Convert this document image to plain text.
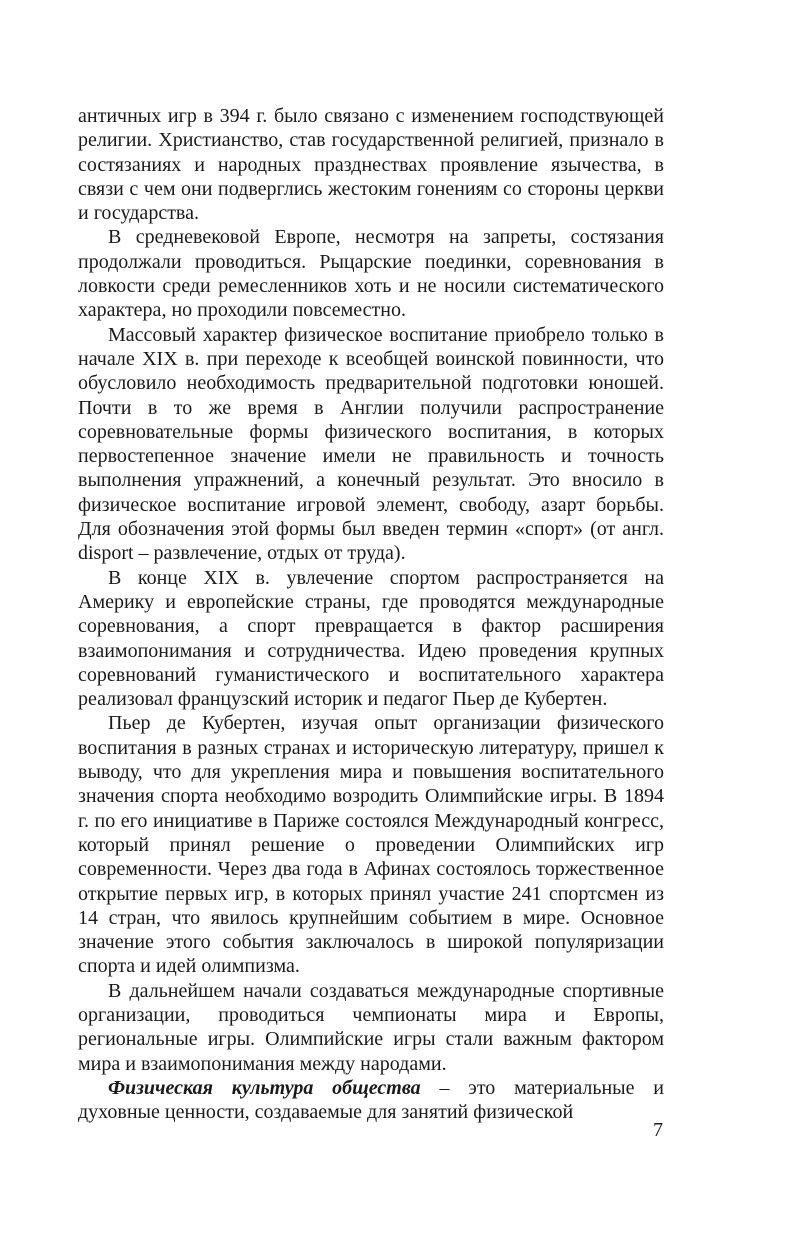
античных игр в 394 г. было связано с изменением господствующей религии. Христианство, став государственной религией, признало в состязаниях и народных празднествах проявление язычества, в связи с чем они подверглись жестоким гонениям со стороны церкви и государства.

В средневековой Европе, несмотря на запреты, состязания продолжали проводиться. Рыцарские поединки, соревнования в ловкости среди ремесленников хоть и не носили систематического характера, но проходили повсеместно.

Массовый характер физическое воспитание приобрело только в начале XIX в. при переходе к всеобщей воинской повинности, что обусловило необходимость предварительной подготовки юношей. Почти в то же время в Англии получили распространение соревновательные формы физического воспитания, в которых первостепенное значение имели не правильность и точность выполнения упражнений, а конечный результат. Это вносило в физическое воспитание игровой элемент, свободу, азарт борьбы. Для обозначения этой формы был введен термин «спорт» (от англ. disport – развлечение, отдых от труда).

В конце XIX в. увлечение спортом распространяется на Америку и европейские страны, где проводятся международные соревнования, а спорт превращается в фактор расширения взаимопонимания и сотрудничества. Идею проведения крупных соревнований гуманистического и воспитательного характера реализовал французский историк и педагог Пьер де Кубертен.

Пьер де Кубертен, изучая опыт организации физического воспитания в разных странах и историческую литературу, пришел к выводу, что для укрепления мира и повышения воспитательного значения спорта необходимо возродить Олимпийские игры. В 1894 г. по его инициативе в Париже состоялся Международный конгресс, который принял решение о проведении Олимпийских игр современности. Через два года в Афинах состоялось торжественное открытие первых игр, в которых принял участие 241 спортсмен из 14 стран, что явилось крупнейшим событием в мире. Основное значение этого события заключалось в широкой популяризации спорта и идей олимпизма.

В дальнейшем начали создаваться международные спортивные организации, проводиться чемпионаты мира и Европы, региональные игры. Олимпийские игры стали важным фактором мира и взаимопонимания между народами.

Физическая культура общества – это материальные и духовные ценности, создаваемые для занятий физической

7
